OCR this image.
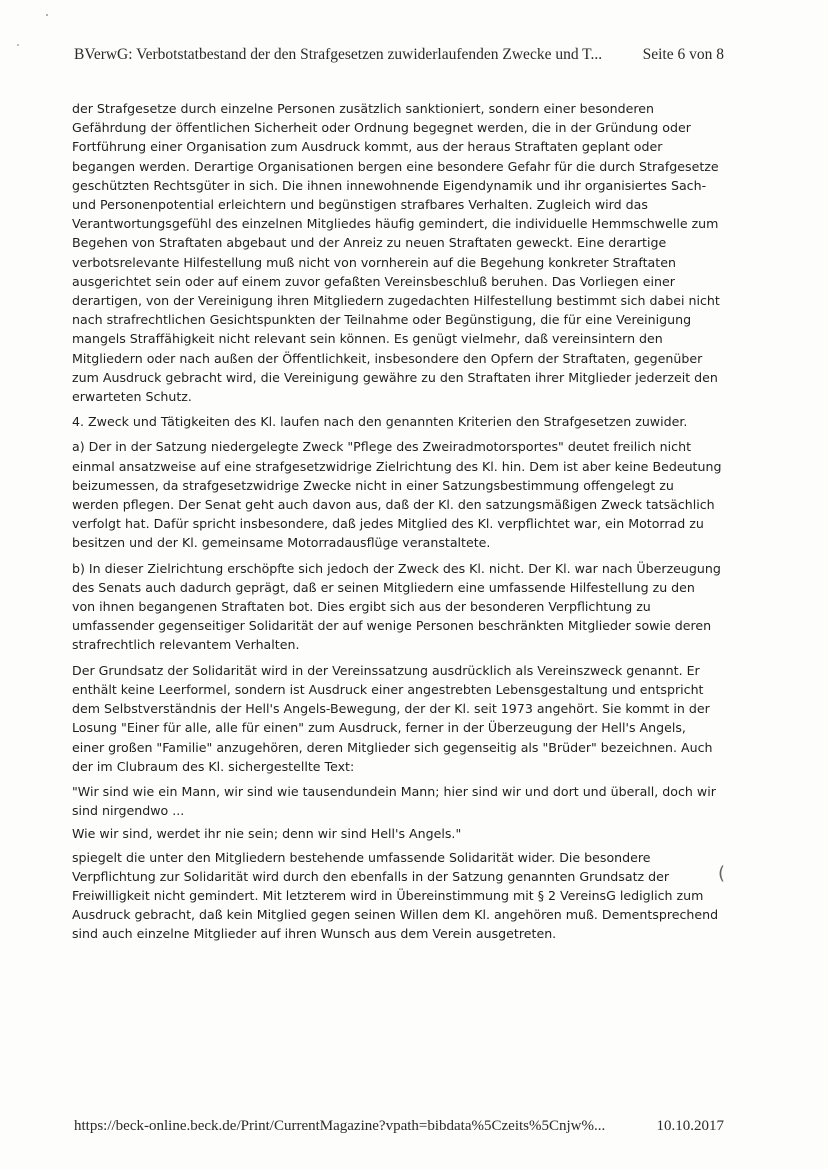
BVerwG: Verbotstatbestand der den Strafgesetzen zuwiderlaufenden Zwecke und T...	Seite 6 von 8

der Strafgesetze durch einzelne Personen zusätzlich sanktioniert, sondern einer besonderen Gefährdung der öffentlichen Sicherheit oder Ordnung begegnet werden, die in der Gründung oder Fortführung einer Organisation zum Ausdruck kommt, aus der heraus Straftaten geplant oder begangen werden. Derartige Organisationen bergen eine besondere Gefahr für die durch Strafgesetze geschützten Rechtsgüter in sich. Die ihnen innewohnende Eigendynamik und ihr organisiertes Sach- und Personenpotential erleichtern und begünstigen strafbares Verhalten. Zugleich wird das Verantwortungsgefühl des einzelnen Mitgliedes häufig gemindert, die individuelle Hemmschwelle zum Begehen von Straftaten abgebaut und der Anreiz zu neuen Straftaten geweckt. Eine derartige verbotsrelevante Hilfestellung muß nicht von vornherein auf die Begehung konkreter Straftaten ausgerichtet sein oder auf einem zuvor gefaßten Vereinsbeschluß beruhen. Das Vorliegen einer derartigen, von der Vereinigung ihren Mitgliedern zugedachten Hilfestellung bestimmt sich dabei nicht nach strafrechtlichen Gesichtspunkten der Teilnahme oder Begünstigung, die für eine Vereinigung mangels Straffähigkeit nicht relevant sein können. Es genügt vielmehr, daß vereinsintern den Mitgliedern oder nach außen der Öffentlichkeit, insbesondere den Opfern der Straftaten, gegenüber zum Ausdruck gebracht wird, die Vereinigung gewähre zu den Straftaten ihrer Mitglieder jederzeit den erwarteten Schutz.

4. Zweck und Tätigkeiten des Kl. laufen nach den genannten Kriterien den Strafgesetzen zuwider.

a) Der in der Satzung niedergelegte Zweck "Pflege des Zweiradmotorsportes" deutet freilich nicht einmal ansatzweise auf eine strafgesetzwidrige Zielrichtung des Kl. hin. Dem ist aber keine Bedeutung beizumessen, da strafgesetzwidrige Zwecke nicht in einer Satzungsbestimmung offengelegt zu werden pflegen. Der Senat geht auch davon aus, daß der Kl. den satzungsmäßigen Zweck tatsächlich verfolgt hat. Dafür spricht insbesondere, daß jedes Mitglied des Kl. verpflichtet war, ein Motorrad zu besitzen und der Kl. gemeinsame Motorradausflüge veranstaltete.

b) In dieser Zielrichtung erschöpfte sich jedoch der Zweck des Kl. nicht. Der Kl. war nach Überzeugung des Senats auch dadurch geprägt, daß er seinen Mitgliedern eine umfassende Hilfestellung zu den von ihnen begangenen Straftaten bot. Dies ergibt sich aus der besonderen Verpflichtung zu umfassender gegenseitiger Solidarität der auf wenige Personen beschränkten Mitglieder sowie deren strafrechtlich relevantem Verhalten.

Der Grundsatz der Solidarität wird in der Vereinssatzung ausdrücklich als Vereinszweck genannt. Er enthält keine Leerformel, sondern ist Ausdruck einer angestrebten Lebensgestaltung und entspricht dem Selbstverständnis der Hell's Angels-Bewegung, der der Kl. seit 1973 angehört. Sie kommt in der Losung "Einer für alle, alle für einen" zum Ausdruck, ferner in der Überzeugung der Hell's Angels, einer großen "Familie" anzugehören, deren Mitglieder sich gegenseitig als "Brüder" bezeichnen. Auch der im Clubraum des Kl. sichergestellte Text:

"Wir sind wie ein Mann, wir sind wie tausendundein Mann; hier sind wir und dort und überall, doch wir sind nirgendwo ...

Wie wir sind, werdet ihr nie sein; denn wir sind Hell's Angels."

spiegelt die unter den Mitgliedern bestehende umfassende Solidarität wider. Die besondere Verpflichtung zur Solidarität wird durch den ebenfalls in der Satzung genannten Grundsatz der Freiwilligkeit nicht gemindert. Mit letzterem wird in Übereinstimmung mit § 2 VereinsG lediglich zum Ausdruck gebracht, daß kein Mitglied gegen seinen Willen dem Kl. angehören muß. Dementsprechend sind auch einzelne Mitglieder auf ihren Wunsch aus dem Verein ausgetreten.

(
https://beck-online.beck.de/Print/CurrentMagazine?vpath=bibdata%5Czeits%5Cnjw%...	10.10.2017
